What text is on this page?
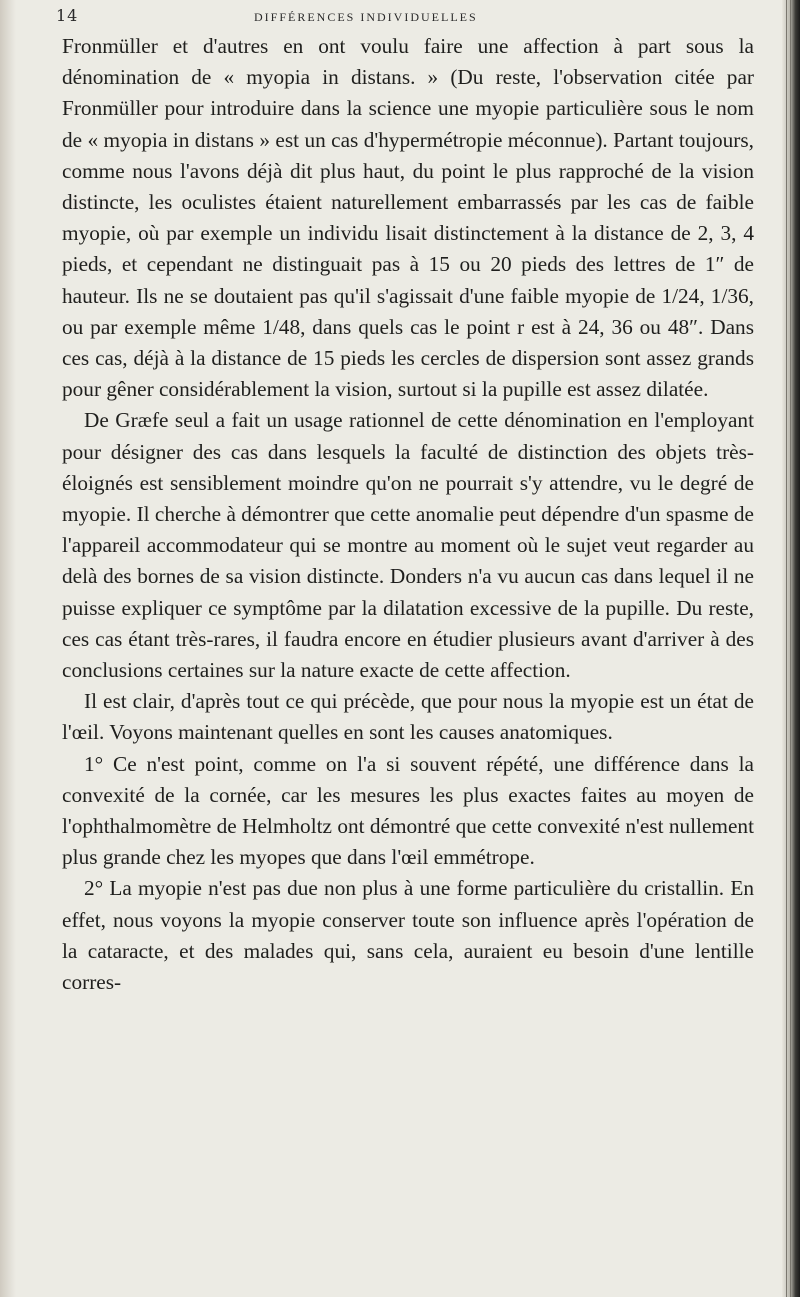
14	DIFFÉRENCES INDIVIDUELLES

Fronmüller et d'autres en ont voulu faire une affection à part sous la dénomination de « myopia in distans. » (Du reste, l'observation citée par Fronmüller pour introduire dans la science une myopie particulière sous le nom de « myopia in distans » est un cas d'hypermétropie méconnue). Partant toujours, comme nous l'avons déjà dit plus haut, du point le plus rapproché de la vision distincte, les oculistes étaient naturellement embarrassés par les cas de faible myopie, où par exemple un individu lisait distinctement à la distance de 2, 3, 4 pieds, et cependant ne distinguait pas à 15 ou 20 pieds des lettres de 1″ de hauteur. Ils ne se doutaient pas qu'il s'agissait d'une faible myopie de 1/24, 1/36, ou par exemple même 1/48, dans quels cas le point r est à 24, 36 ou 48″. Dans ces cas, déjà à la distance de 15 pieds les cercles de dispersion sont assez grands pour gêner considérablement la vision, surtout si la pupille est assez dilatée.

De Græfe seul a fait un usage rationnel de cette dénomination en l'employant pour désigner des cas dans lesquels la faculté de distinction des objets très-éloignés est sensiblement moindre qu'on ne pourrait s'y attendre, vu le degré de myopie. Il cherche à démontrer que cette anomalie peut dépendre d'un spasme de l'appareil accommodateur qui se montre au moment où le sujet veut regarder au delà des bornes de sa vision distincte. Donders n'a vu aucun cas dans lequel il ne puisse expliquer ce symptôme par la dilatation excessive de la pupille. Du reste, ces cas étant très-rares, il faudra encore en étudier plusieurs avant d'arriver à des conclusions certaines sur la nature exacte de cette affection.

Il est clair, d'après tout ce qui précède, que pour nous la myopie est un état de l'œil. Voyons maintenant quelles en sont les causes anatomiques.

1° Ce n'est point, comme on l'a si souvent répété, une différence dans la convexité de la cornée, car les mesures les plus exactes faites au moyen de l'ophthalmomètre de Helmholtz ont démontré que cette convexité n'est nullement plus grande chez les myopes que dans l'œil emmétrope.

2° La myopie n'est pas due non plus à une forme particulière du cristallin. En effet, nous voyons la myopie conserver toute son influence après l'opération de la cataracte, et des malades qui, sans cela, auraient eu besoin d'une lentille corres-
